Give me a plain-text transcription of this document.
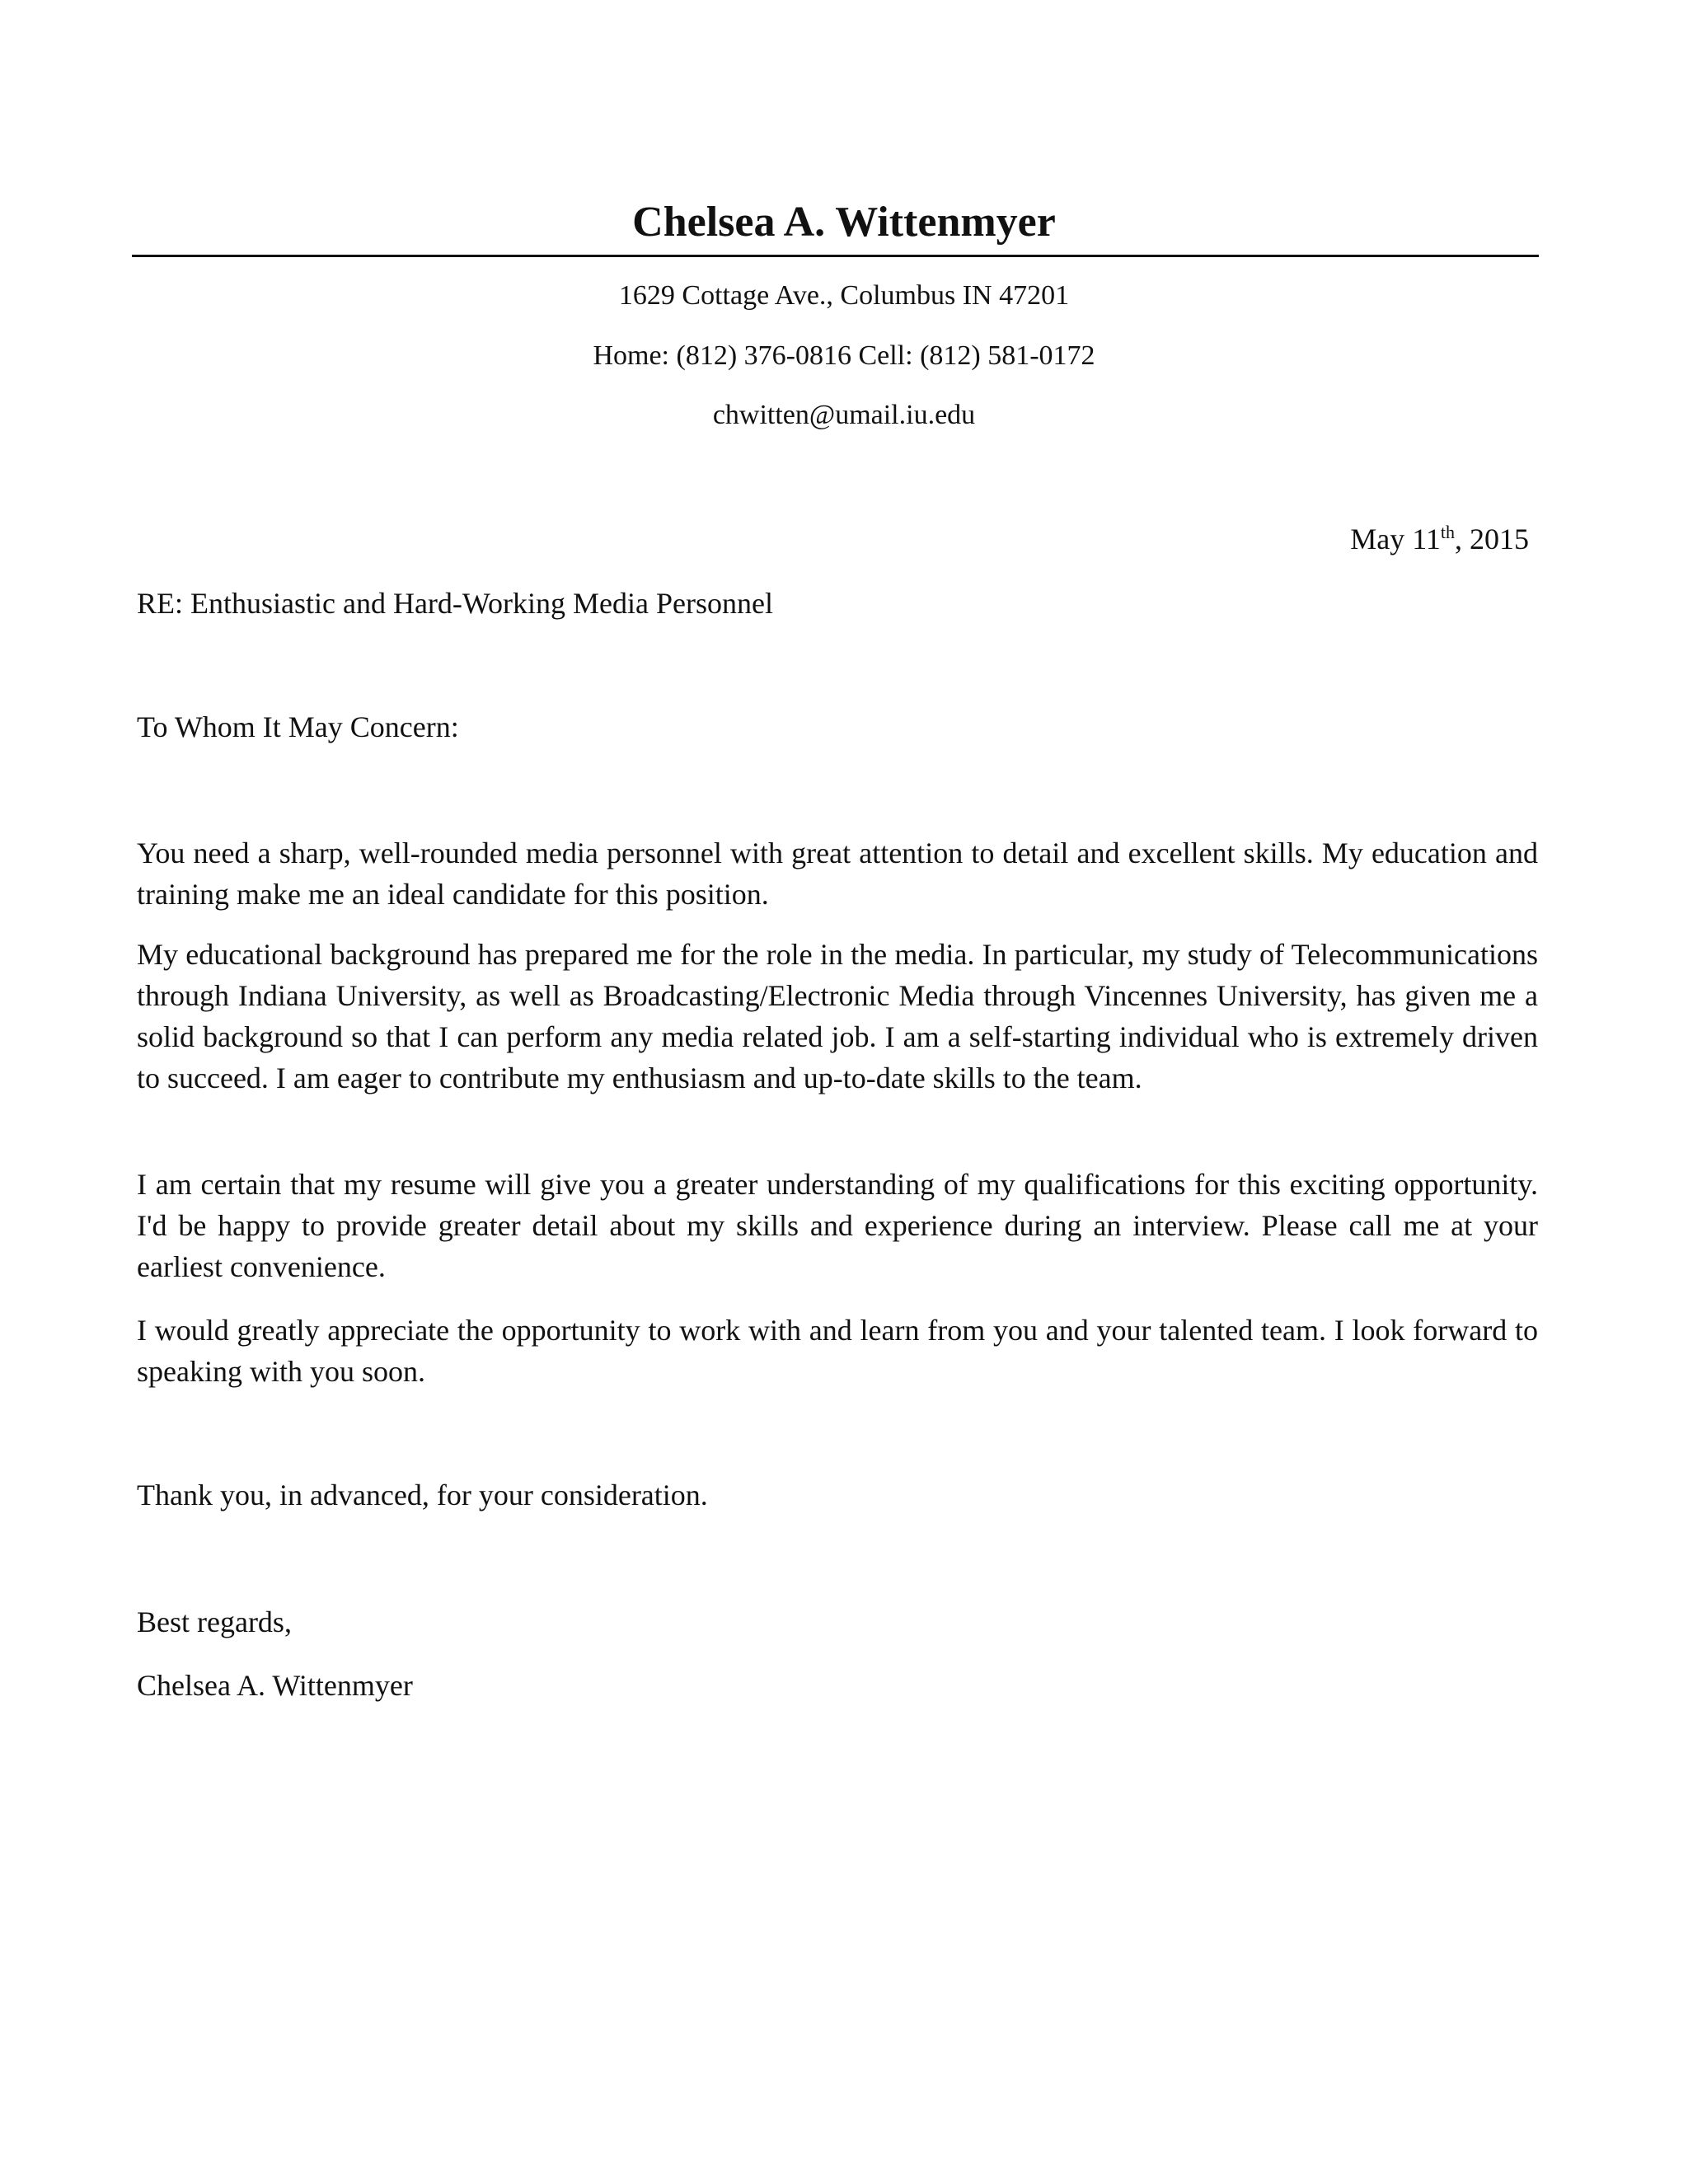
Chelsea A. Wittenmyer
1629 Cottage Ave., Columbus IN 47201
Home: (812) 376-0816 Cell: (812) 581-0172
chwitten@umail.iu.edu
May 11th, 2015
RE: Enthusiastic and Hard-Working Media Personnel
To Whom It May Concern:
You need a sharp, well-rounded media personnel with great attention to detail and excellent skills. My education and training make me an ideal candidate for this position.
My educational background has prepared me for the role in the media. In particular, my study of Telecommunications through Indiana University, as well as Broadcasting/Electronic Media through Vincennes University, has given me a solid background so that I can perform any media related job. I am a self-starting individual who is extremely driven to succeed. I am eager to contribute my enthusiasm and up-to-date skills to the team.
I am certain that my resume will give you a greater understanding of my qualifications for this exciting opportunity. I'd be happy to provide greater detail about my skills and experience during an interview. Please call me at your earliest convenience.
I would greatly appreciate the opportunity to work with and learn from you and your talented team. I look forward to speaking with you soon.
Thank you, in advanced, for your consideration.
Best regards,
Chelsea A. Wittenmyer
